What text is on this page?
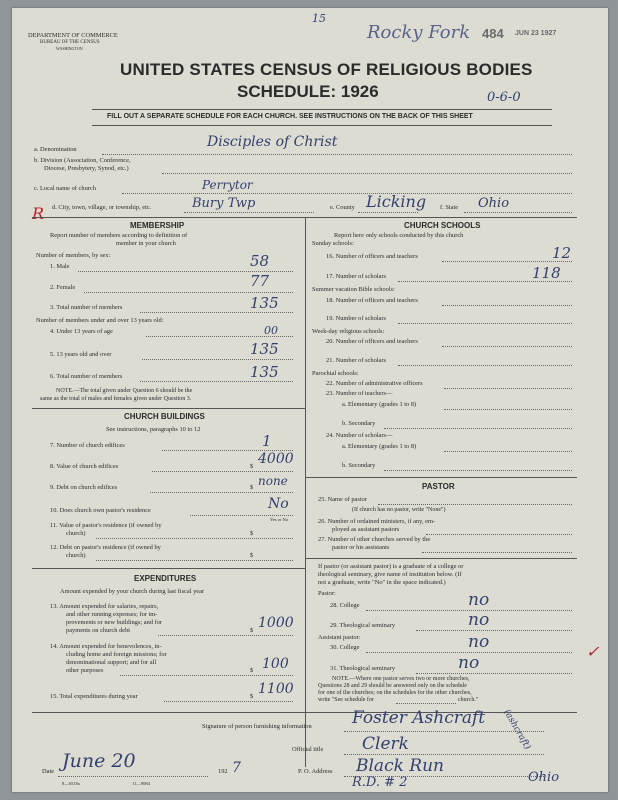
DEPARTMENT OF COMMERCE
BUREAU OF THE CENSUS
WASHINGTON
15
Rocky Fork 484 JUN 23 1927
UNITED STATES CENSUS OF RELIGIOUS BODIES
SCHEDULE: 1926	0-6-0
FILL OUT A SEPARATE SCHEDULE FOR EACH CHURCH. SEE INSTRUCTIONS ON THE BACK OF THIS SHEET
a. Denomination	Disciples of Christ
b. Division (Association, Conference,
Diocese, Presbytery, Synod, etc.)
c. Local name of church	Perrytor
R d. City, town, village, or township, etc.	Bury Twp	e. County Licking f. State Ohio
MEMBERSHIP
Report number of members according to definition of
member in your church
Number of members, by sex:
1. Male	58
2. Female	77
3. Total number of members	135
Number of members under and over 13 years old:
4. Under 13 years of age	00
5. 13 years old and over	135
6. Total number of members	135
NOTE.—The total given under Question 6 should be the
same as the total of males and females given under Question 3.
CHURCH BUILDINGS
See instructions, paragraphs 10 to 12
7. Number of church edifices	1
8. Value of church edifices	$ 4000
9. Debt on church edifices	$ none
10. Does church own pastor's residence	No
Yes or No
11. Value of pastor's residence (if owned by
church)	$
12. Debt on pastor's residence (if owned by
church)	$
EXPENDITURES
Amount expended by your church during last fiscal year
13. Amount expended for salaries, repairs,
and other running expenses; for im-
provements or new buildings; and for
payments on church debt	$ 1000
14. Amount expended for benevolences, in-
cluding home and foreign missions; for
denominational support; and for all
other purposes	$ 100
15. Total expenditures during year	$ 1100
CHURCH SCHOOLS
Report here only schools conducted by this church
Sunday schools:
16. Number of officers and teachers	12
17. Number of scholars	118
Summer vacation Bible schools:
18. Number of officers and teachers
19. Number of scholars
Week-day religious schools:
20. Number of officers and teachers
21. Number of scholars
Parochial schools:
22. Number of administrative officers
23. Number of teachers—
a. Elementary (grades 1 to 8)
b. Secondary
24. Number of scholars—
a. Elementary (grades 1 to 8)
b. Secondary
PASTOR
25. Name of pastor
(If church has no pastor, write "None")
26. Number of ordained ministers, if any, em-
ployed as assistant pastors
27. Number of other churches served by the
pastor or his assistants
If pastor (or assistant pastor) is a graduate of a college or
theological seminary, give name of institution below. (If
not a graduate, write "No" in the space indicated.)
Pastor:
28. College	no
29. Theological seminary	no
Assistant pastor:
30. College	no
31. Theological seminary	no
NOTE.—Where one pastor serves two or more churches,
Questions 28 and 29 should be answered only on the schedule
for one of the churches; on the schedules for the other churches,
write "See schedule for	church."
✓
Signature of person furnishing information Foster Ashcraft (ashcraft)
Official title Clerk
Date June 20	192 7	P. O. Address Black Run
R.D. # 2	Ohio
8—6518a	11—9084
